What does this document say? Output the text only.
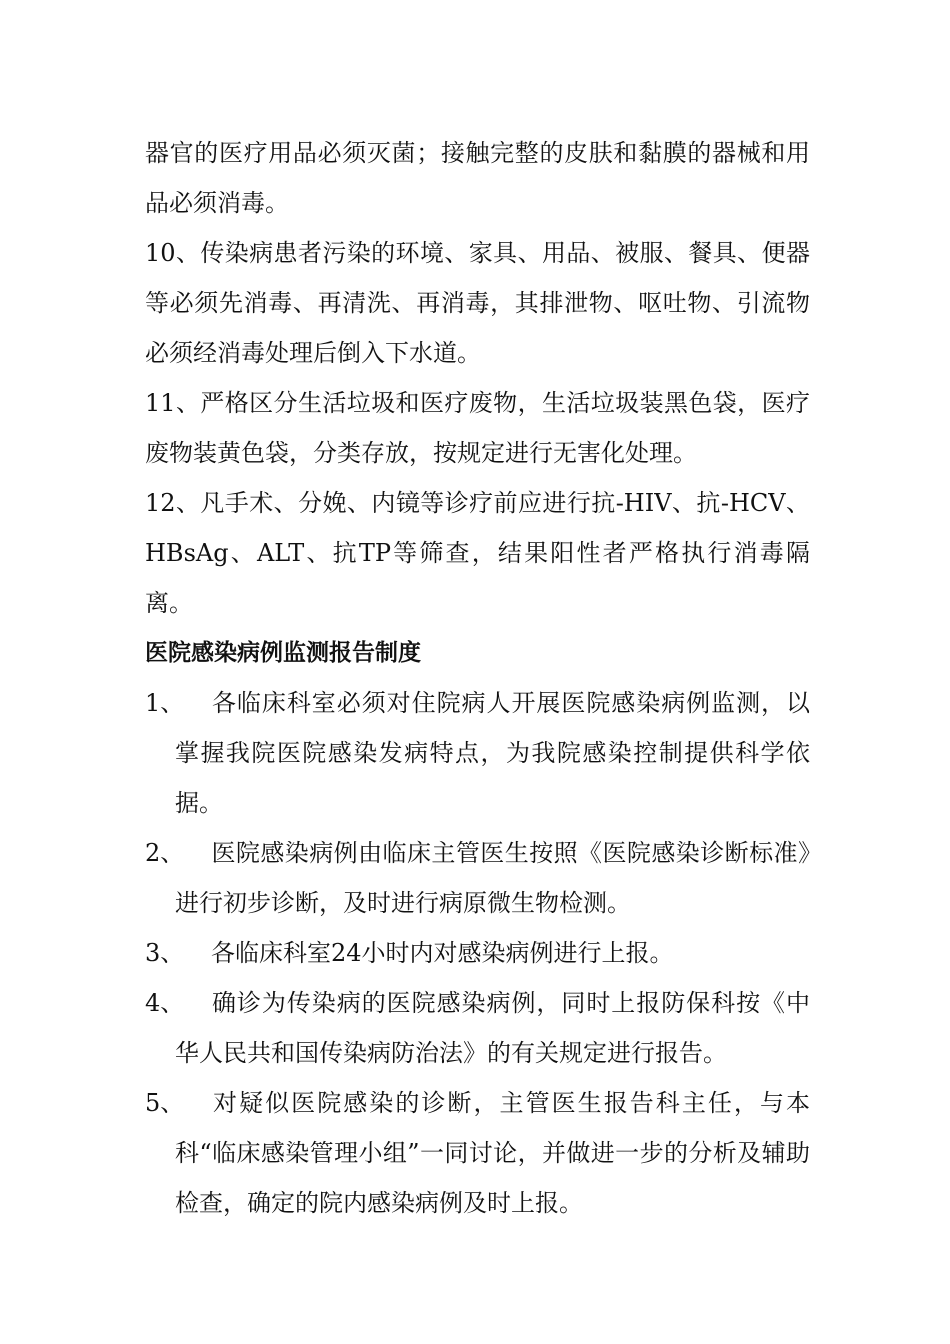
器官的医疗用品必须灭菌；接触完整的皮肤和黏膜的器械和用品必须消毒。

10、传染病患者污染的环境、家具、用品、被服、餐具、便器等必须先消毒、再清洗、再消毒，其排泄物、呕吐物、引流物必须经消毒处理后倒入下水道。

11、严格区分生活垃圾和医疗废物，生活垃圾装黑色袋，医疗废物装黄色袋，分类存放，按规定进行无害化处理。

12、凡手术、分娩、内镜等诊疗前应进行抗-HIV、抗-HCV、HBsAg、ALT、抗TP等筛查，结果阳性者严格执行消毒隔离。

医院感染病例监测报告制度

1、 各临床科室必须对住院病人开展医院感染病例监测，以掌握我院医院感染发病特点，为我院感染控制提供科学依据。

2、 医院感染病例由临床主管医生按照《医院感染诊断标准》进行初步诊断，及时进行病原微生物检测。

3、 各临床科室24小时内对感染病例进行上报。

4、 确诊为传染病的医院感染病例，同时上报防保科按《中华人民共和国传染病防治法》的有关规定进行报告。

5、 对疑似医院感染的诊断，主管医生报告科主任，与本科“临床感染管理小组”一同讨论，并做进一步的分析及辅助检查，确定的院内感染病例及时上报。
